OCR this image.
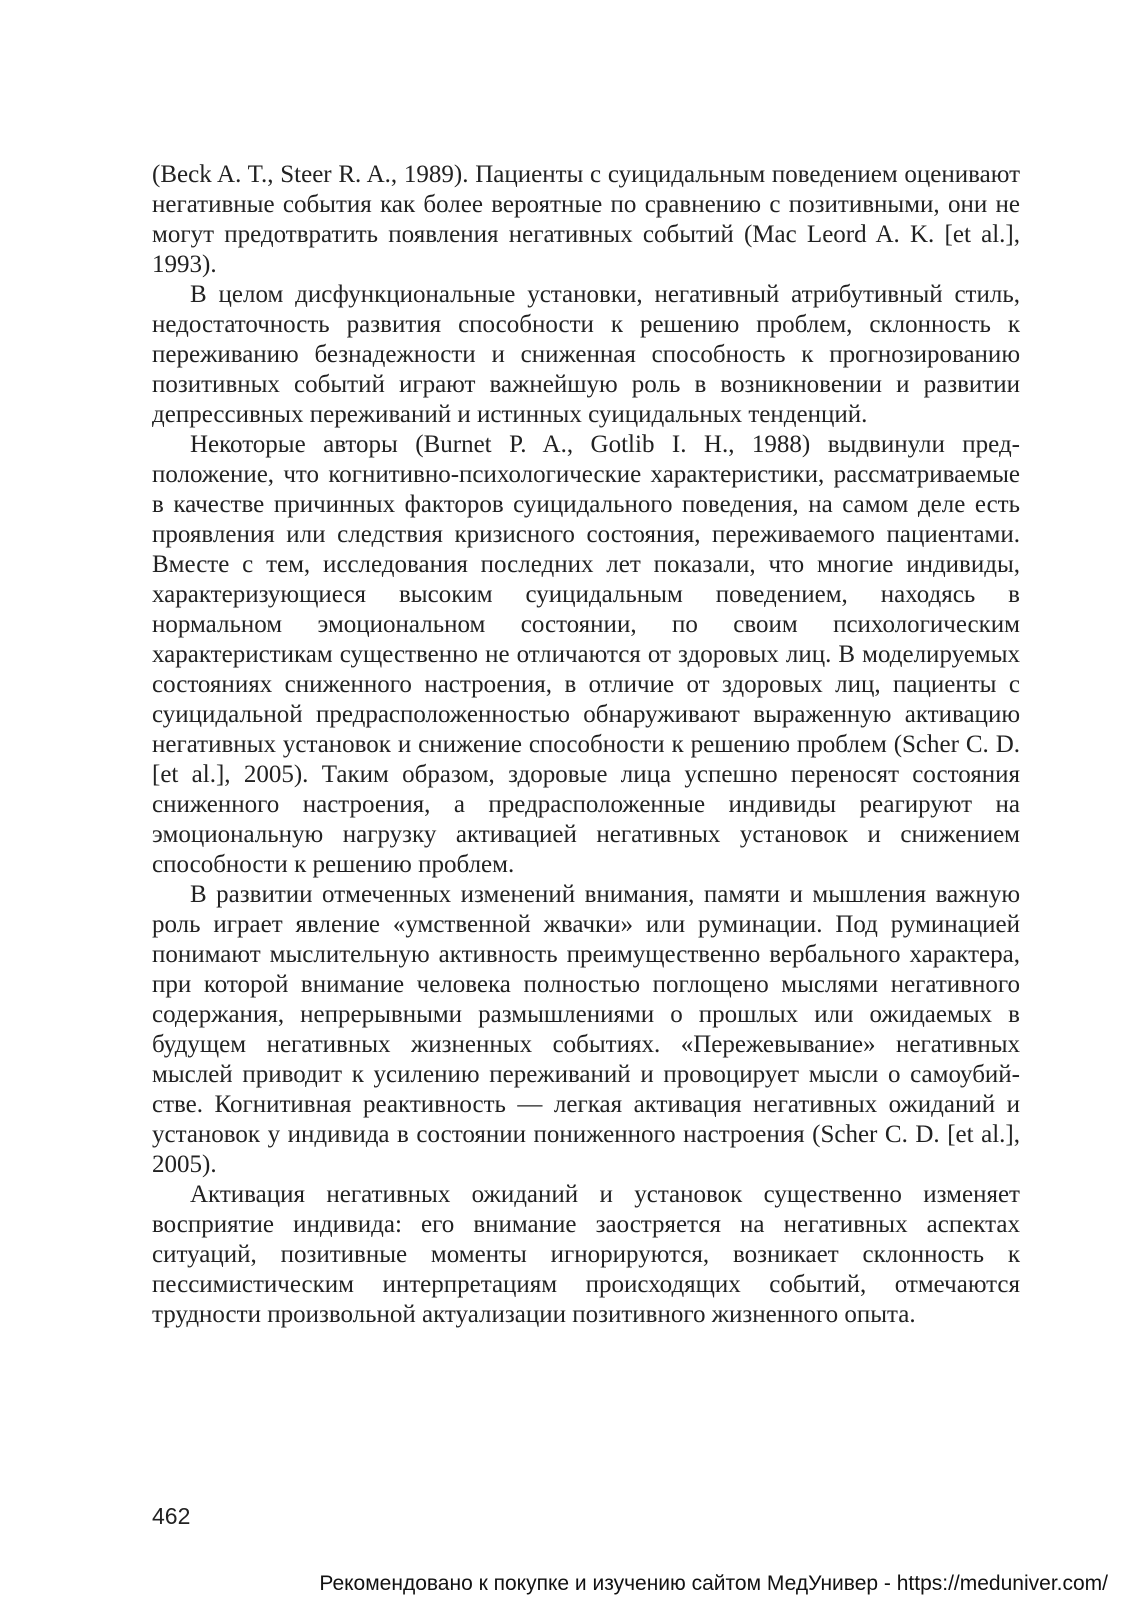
(Beck A. T., Steer R. A., 1989). Пациенты с суицидальным поведением оценивают негативные события как более вероятные по сравнению с позитивными, они не могут предотвратить появления негативных событий (Mac Leord A. K. [et al.], 1993).

В целом дисфункциональные установки, негативный атрибутивный стиль, недостаточность развития способности к решению проблем, склонность к переживанию безнадежности и сниженная способность к прогнозированию позитивных событий играют важнейшую роль в возникновении и развитии депрессивных переживаний и истинных суицидальных тенденций.

Некоторые авторы (Burnet P. A., Gotlib I. H., 1988) выдвинули предположение, что когнитивно-психологические характеристики, рассматриваемые в качестве причинных факторов суицидального поведения, на самом деле есть проявления или следствия кризисного состояния, переживаемого пациентами. Вместе с тем, исследования последних лет показали, что многие индивиды, характеризующиеся высоким суицидальным поведением, находясь в нормальном эмоциональном состоянии, по своим психологическим характеристикам существенно не отличаются от здоровых лиц. В моделируемых состояниях сниженного настроения, в отличие от здоровых лиц, пациенты с суицидальной предрасположенностью обнаруживают выраженную активацию негативных установок и снижение способности к решению проблем (Scher C. D. [et al.], 2005). Таким образом, здоровые лица успешно переносят состояния сниженного настроения, а предрасположенные индивиды реагируют на эмоциональную нагрузку активацией негативных установок и снижением способности к решению проблем.

В развитии отмеченных изменений внимания, памяти и мышления важную роль играет явление «умственной жвачки» или руминации. Под руминацией понимают мыслительную активность преимущественно вербального характера, при которой внимание человека полностью поглощено мыслями негативного содержания, непрерывными размышлениями о прошлых или ожидаемых в будущем негативных жизненных событиях. «Пережевывание» негативных мыслей приводит к усилению переживаний и провоцирует мысли о самоубийстве. Когнитивная реактивность — легкая активация негативных ожиданий и установок у индивида в состоянии пониженного настроения (Scher C. D. [et al.], 2005).

Активация негативных ожиданий и установок существенно изменяет восприятие индивида: его внимание заостряется на негативных аспектах ситуаций, позитивные моменты игнорируются, возникает склонность к пессимистическим интерпретациям происходящих событий, отмечаются трудности произвольной актуализации позитивного жизненного опыта.

462
Рекомендовано к покупке и изучению сайтом МедУнивер - https://meduniver.com/
